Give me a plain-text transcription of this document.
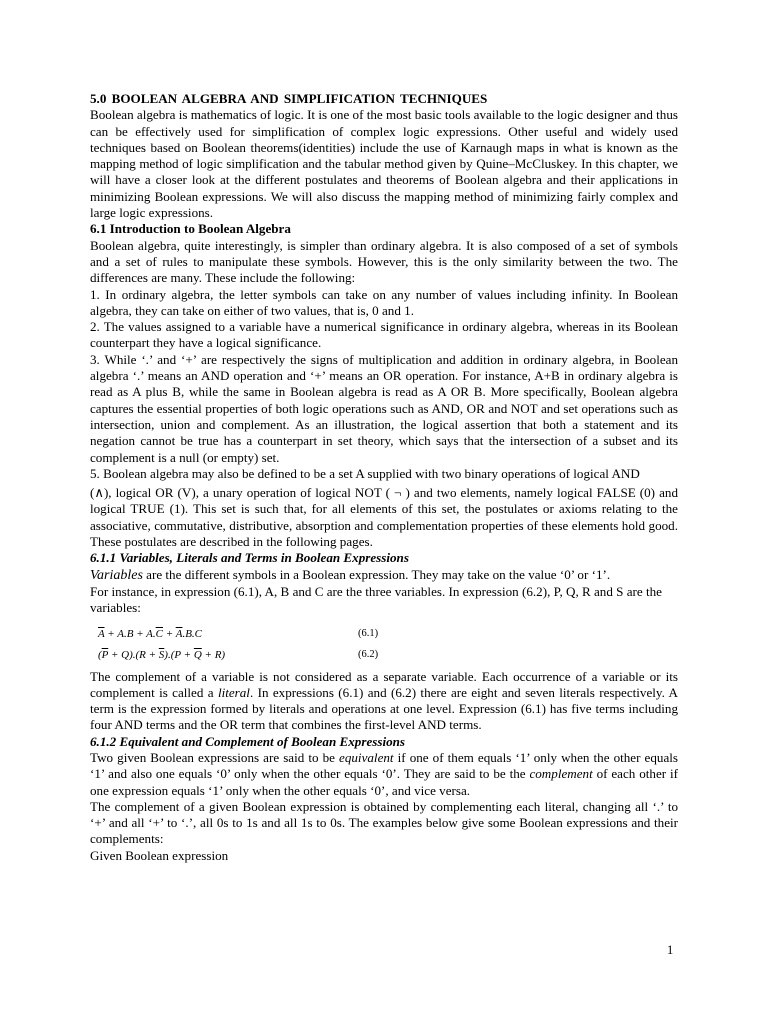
5.0 BOOLEAN ALGEBRA AND SIMPLIFICATION TECHNIQUES

Boolean algebra is mathematics of logic. It is one of the most basic tools available to the logic designer and thus can be effectively used for simplification of complex logic expressions. Other useful and widely used techniques based on Boolean theorems(identities) include the use of Karnaugh maps in what is known as the mapping method of logic simplification and the tabular method given by Quine–McCluskey. In this chapter, we will have a closer look at the different postulates and theorems of Boolean algebra and their applications in minimizing Boolean expressions. We will also discuss the mapping method of minimizing fairly complex and large logic expressions.

6.1 Introduction to Boolean Algebra

Boolean algebra, quite interestingly, is simpler than ordinary algebra. It is also composed of a set of symbols and a set of rules to manipulate these symbols. However, this is the only similarity between the two. The differences are many. These include the following:

1. In ordinary algebra, the letter symbols can take on any number of values including infinity. In Boolean algebra, they can take on either of two values, that is, 0 and 1.

2. The values assigned to a variable have a numerical significance in ordinary algebra, whereas in its Boolean counterpart they have a logical significance.

3. While ‘.’ and ‘+’ are respectively the signs of multiplication and addition in ordinary algebra, in Boolean algebra ‘.’ means an AND operation and ‘+’ means an OR operation. For instance, A+B in ordinary algebra is read as A plus B, while the same in Boolean algebra is read as A OR B. More specifically, Boolean algebra captures the essential properties of both logic operations such as AND, OR and NOT and set operations such as intersection, union and complement. As an illustration, the logical assertion that both a statement and its negation cannot be true has a counterpart in set theory, which says that the intersection of a subset and its complement is a null (or empty) set.

5. Boolean algebra may also be defined to be a set A supplied with two binary operations of logical AND

(∧), logical OR (V), a unary operation of logical NOT ( ¬ ) and two elements, namely logical FALSE (0) and logical TRUE (1). This set is such that, for all elements of this set, the postulates or axioms relating to the associative, commutative, distributive, absorption and complementation properties of these elements hold good. These postulates are described in the following pages.

6.1.1 Variables, Literals and Terms in Boolean Expressions

Variables are the different symbols in a Boolean expression. They may take on the value ‘0’ or ‘1’.

For instance, in expression (6.1), A, B and C are the three variables. In expression (6.2), P, Q, R and S are the variables:

$\overline{A} + A.B + A.\overline{C} + \overline{A}.B.C$	(6.1)
$(\overline{P} + Q).(R + \overline{S}).(P + \overline{Q} + R)$	(6.2)

The complement of a variable is not considered as a separate variable. Each occurrence of a variable or its complement is called a literal. In expressions (6.1) and (6.2) there are eight and seven literals respectively. A term is the expression formed by literals and operations at one level. Expression (6.1) has five terms including four AND terms and the OR term that combines the first-level AND terms.

6.1.2 Equivalent and Complement of Boolean Expressions

Two given Boolean expressions are said to be equivalent if one of them equals ‘1’ only when the other equals ‘1’ and also one equals ‘0’ only when the other equals ‘0’. They are said to be the complement of each other if one expression equals ‘1’ only when the other equals ‘0’, and vice versa.

The complement of a given Boolean expression is obtained by complementing each literal, changing all ‘.’ to ‘+’ and all ‘+’ to ‘.’, all 0s to 1s and all 1s to 0s. The examples below give some Boolean expressions and their complements:

Given Boolean expression

1
